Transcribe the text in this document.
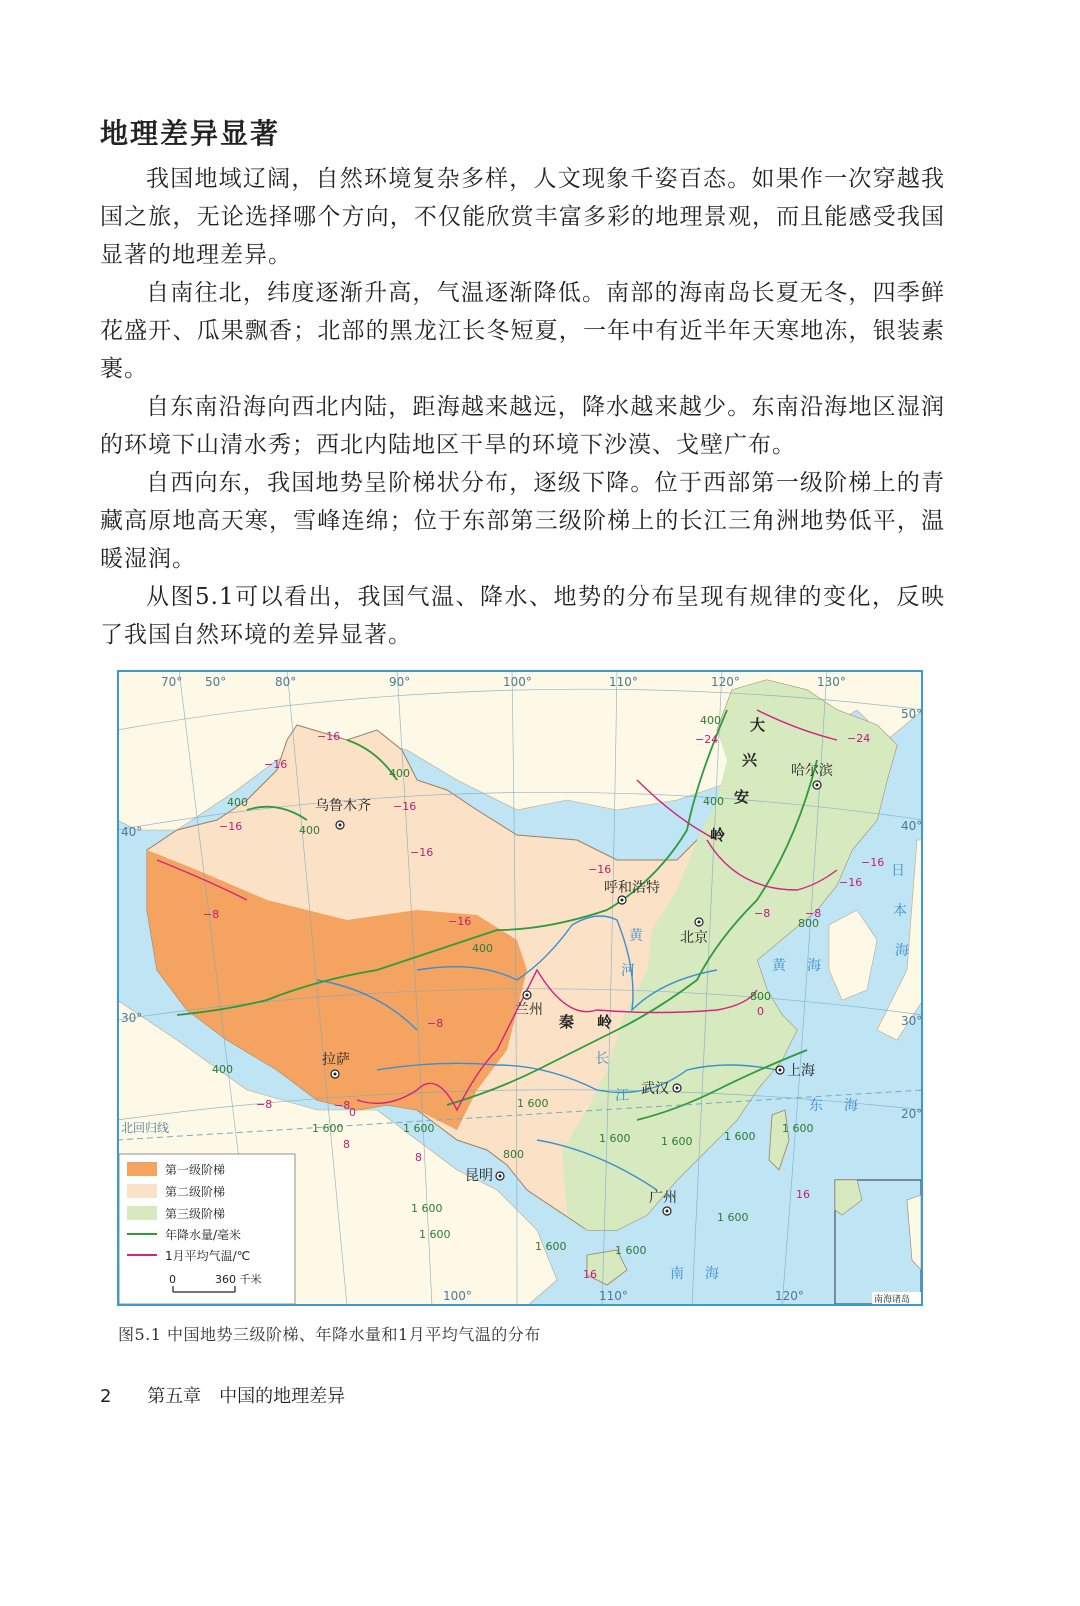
地理差异显著

我国地域辽阔，自然环境复杂多样，人文现象千姿百态。如果作一次穿越我国之旅，无论选择哪个方向，不仅能欣赏丰富多彩的地理景观，而且能感受我国显著的地理差异。

自南往北，纬度逐渐升高，气温逐渐降低。南部的海南岛长夏无冬，四季鲜花盛开、瓜果飘香；北部的黑龙江长冬短夏，一年中有近半年天寒地冻，银装素裹。

自东南沿海向西北内陆，距海越来越远，降水越来越少。东南沿海地区湿润的环境下山清水秀；西北内陆地区干旱的环境下沙漠、戈壁广布。

自西向东，我国地势呈阶梯状分布，逐级下降。位于西部第一级阶梯上的青藏高原地高天寒，雪峰连绵；位于东部第三级阶梯上的长江三角洲地势低平，温暖湿润。

从图5.1可以看出，我国气温、降水、地势的分布呈现有规律的变化，反映了我国自然环境的差异显著。

70°	80°	90°	100°	110°	120°	130°
100°	110°	120°
50°
40°
30°
50°
40°
30°
20°
乌鲁木齐
哈尔滨
呼和浩特
北京
兰州
拉萨
上海
武汉
昆明
广州
大
兴
安
岭
秦 岭
黄
河
长
江
黄 海
东 海
南 海
日
本
海
400
400
400
400
400
400
400
800
800
800
1 600	1 600
1 600
1 600	1 600	1 600
1 600
1 600
1 600
1 600	1 600
1 600
−16
−16
−16
−16
−16
−16
−16
−16
−16
−24	−24
−8
−8
−8	−8
−8	−8
0
0
8
8
16
16
北回归线
南海诸岛
第一级阶梯
第二级阶梯
第三级阶梯
年降水量/毫米
1月平均气温/℃
0	360 千米
图5.1 中国地势三级阶梯、年降水量和1月平均气温的分布
2 第五章　中国的地理差异
